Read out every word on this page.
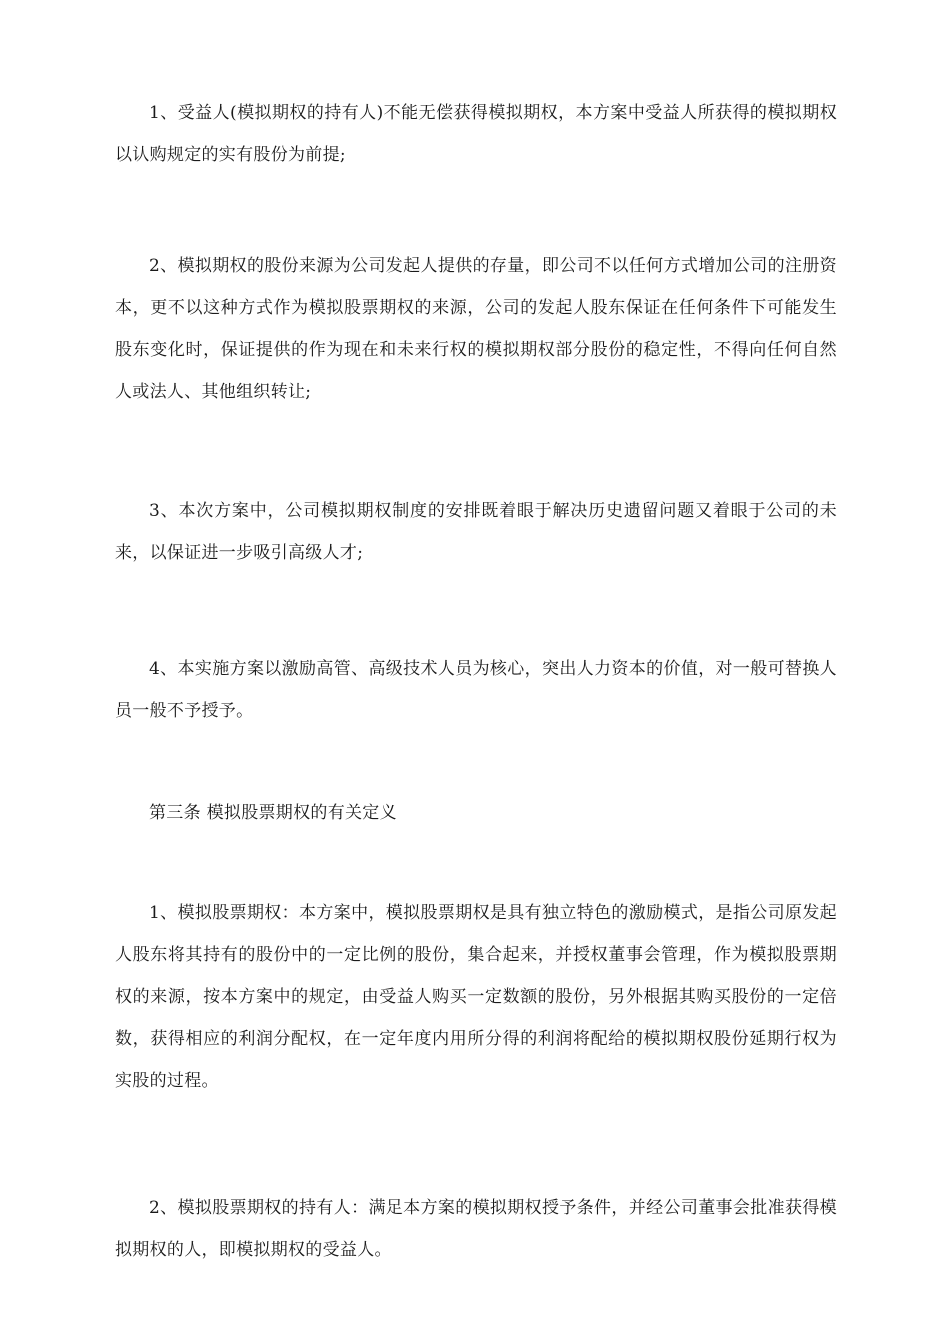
1、受益人(模拟期权的持有人)不能无偿获得模拟期权，本方案中受益人所获得的模拟期权以认购规定的实有股份为前提;

2、模拟期权的股份来源为公司发起人提供的存量，即公司不以任何方式增加公司的注册资本，更不以这种方式作为模拟股票期权的来源，公司的发起人股东保证在任何条件下可能发生股东变化时，保证提供的作为现在和未来行权的模拟期权部分股份的稳定性，不得向任何自然人或法人、其他组织转让;

3、本次方案中，公司模拟期权制度的安排既着眼于解决历史遗留问题又着眼于公司的未来，以保证进一步吸引高级人才;

4、本实施方案以激励高管、高级技术人员为核心，突出人力资本的价值，对一般可替换人员一般不予授予。

第三条 模拟股票期权的有关定义

1、模拟股票期权：本方案中，模拟股票期权是具有独立特色的激励模式，是指公司原发起人股东将其持有的股份中的一定比例的股份，集合起来，并授权董事会管理，作为模拟股票期权的来源，按本方案中的规定，由受益人购买一定数额的股份，另外根据其购买股份的一定倍数，获得相应的利润分配权，在一定年度内用所分得的利润将配给的模拟期权股份延期行权为实股的过程。

2、模拟股票期权的持有人：满足本方案的模拟期权授予条件，并经公司董事会批准获得模拟期权的人，即模拟期权的受益人。
